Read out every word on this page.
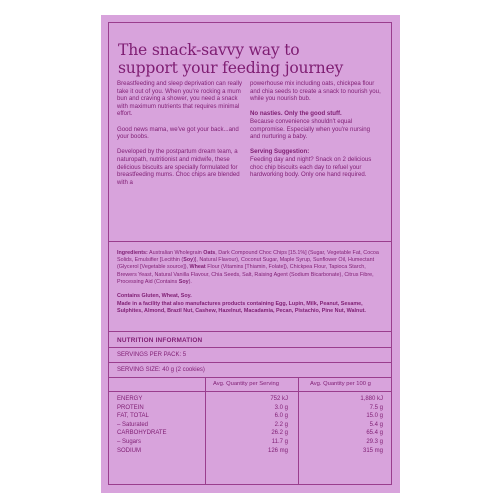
The snack-savvy way to
support your feeding journey

Breastfeeding and sleep deprivation can really take it out of you. When you're rocking a mum bun and craving a shower, you need a snack with maximum nutrients that requires minimal effort.

Good news mama, we've got your back...and your boobs.

Developed by the postpartum dream team, a naturopath, nutritionist and midwife, these delicious biscuits are specially formulated for breastfeeding mums. Choc chips are blended with a

powerhouse mix including oats, chickpea flour and chia seeds to create a snack to nourish you, while you nourish bub.

No nasties. Only the good stuff.
Because convenience shouldn't equal compromise. Especially when you're nursing and nurturing a baby.

Serving Suggestion:
Feeding day and night? Snack on 2 delicious choc chip biscuits each day to refuel your hardworking body. Only one hand required.

Ingredients: Australian Wholegrain Oats, Dark Compound Choc Chips [15.1%] (Sugar, Vegetable Fat, Cocoa Solids, Emulsifier [Lecithin (Soy)], Natural Flavour), Coconut Sugar, Maple Syrup, Sunflower Oil, Humectant (Glycerol [Vegetable source]), Wheat Flour (Vitamins [Thiamin, Folate]), Chickpea Flour, Tapioca Starch, Brewers Yeast, Natural Vanilla Flavour, Chia Seeds, Salt, Raising Agent (Sodium Bicarbonate), Citrus Fibre, Processing Aid (Contains Soy).

Contains Gluten, Wheat, Soy.

Made in a facility that also manufactures products containing Egg, Lupin, Milk, Peanut, Sesame, Sulphites, Almond, Brazil Nut, Cashew, Hazelnut, Macadamia, Pecan, Pistachio, Pine Nut, Walnut.

NUTRITION INFORMATION
SERVINGS PER PACK: 5
SERVING SIZE: 40 g (2 cookies)
Avg. Quantity per Serving	Avg. Quantity per 100 g
ENERGY	752 kJ	1,880 kJ
PROTEIN	3.0 g	7.5 g
FAT, TOTAL	6.0 g	15.0 g
– Saturated	2.2 g	5.4 g
CARBOHYDRATE	26.2 g	65.4 g
– Sugars	11.7 g	29.3 g
SODIUM	126 mg	315 mg
